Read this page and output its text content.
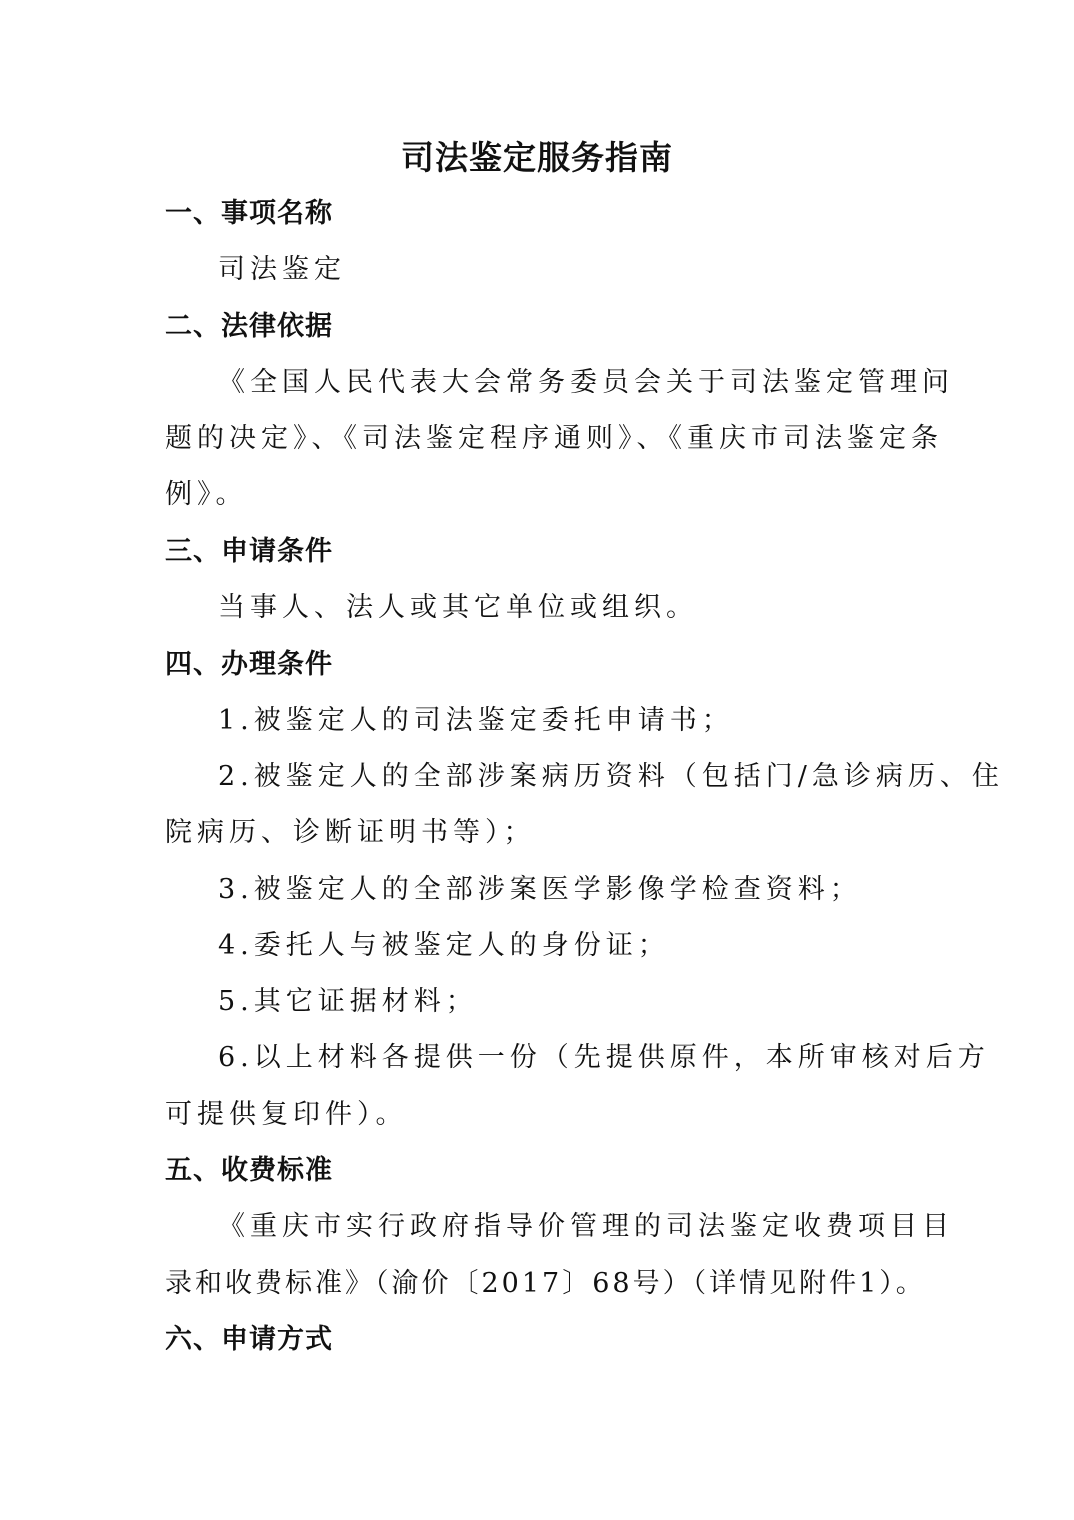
司法鉴定服务指南
一、事项名称
司法鉴定
二、法律依据
《全国人民代表大会常务委员会关于司法鉴定管理问
题的决定》、《司法鉴定程序通则》、《重庆市司法鉴定条
例》。
三、申请条件
当事人、法人或其它单位或组织。
四、办理条件
1.被鉴定人的司法鉴定委托申请书；
2.被鉴定人的全部涉案病历资料（包括门/急诊病历、住
院病历、诊断证明书等）；
3.被鉴定人的全部涉案医学影像学检查资料；
4.委托人与被鉴定人的身份证；
5.其它证据材料；
6.以上材料各提供一份（先提供原件，本所审核对后方
可提供复印件）。
五、收费标准
《重庆市实行政府指导价管理的司法鉴定收费项目目
录和收费标准》（渝价〔2017〕68号）（详情见附件1）。
六、申请方式
